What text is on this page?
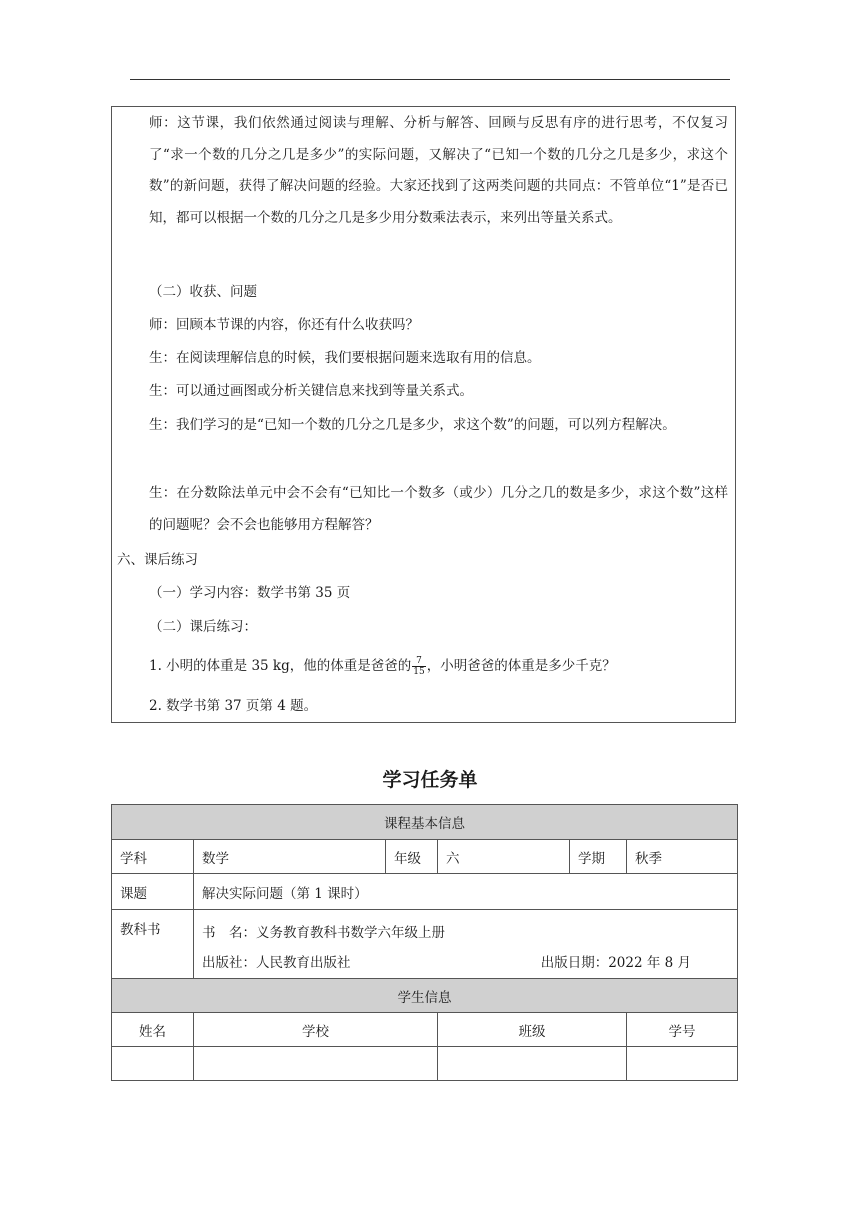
师：这节课，我们依然通过阅读与理解、分析与解答、回顾与反思有序的进行思考，不仅复习了“求一个数的几分之几是多少”的实际问题，又解决了“已知一个数的几分之几是多少，求这个数”的新问题，获得了解决问题的经验。大家还找到了这两类问题的共同点：不管单位“1”是否已知，都可以根据一个数的几分之几是多少用分数乘法表示，来列出等量关系式。

（二）收获、问题

师：回顾本节课的内容，你还有什么收获吗？

生：在阅读理解信息的时候，我们要根据问题来选取有用的信息。

生：可以通过画图或分析关键信息来找到等量关系式。

生：我们学习的是“已知一个数的几分之几是多少，求这个数”的问题，可以列方程解决。

生：在分数除法单元中会不会有“已知比一个数多（或少）几分之几的数是多少，求这个数”这样的问题呢？会不会也能够用方程解答？

六、课后练习

（一）学习内容：数学书第 35 页

（二）课后练习：

1. 小明的体重是 35 kg，他的体重是爸爸的 $\frac{7}{15}$ ，小明爸爸的体重是多少千克？

2. 数学书第 37 页第 4 题。

学习任务单
课程基本信息					
学科	数学	年级	六	学期	秋季
课题	解决实际问题（第 1 课时）				
教科书	书　名：义务教育教科书数学六年级上册
出版社：人民教育出版社 出版日期：2022 年 8 月				

学生信息					
姓名	学校		班级		学号
